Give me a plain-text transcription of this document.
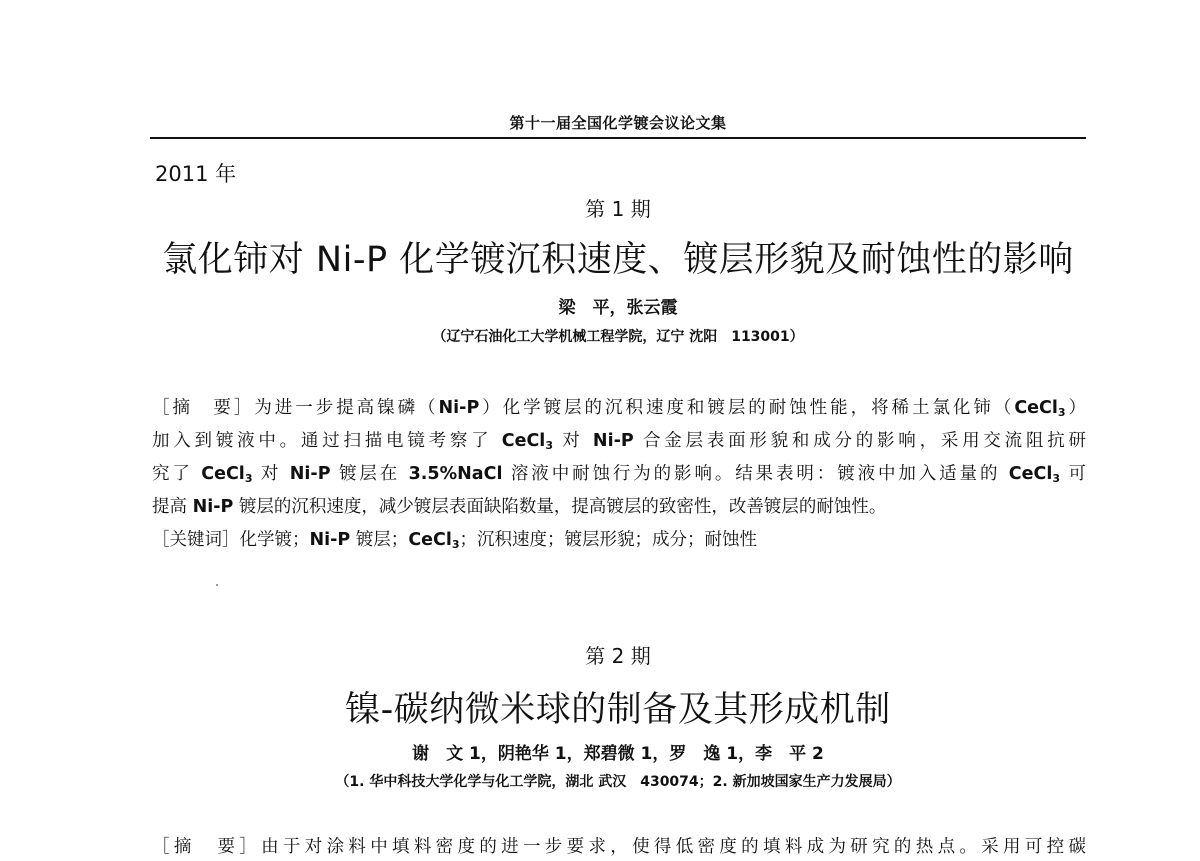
第十一届全国化学镀会议论文集
2011 年
第 1 期
氯化铈对 Ni-P 化学镀沉积速度、镀层形貌及耐蚀性的影响
梁　平，张云霞
（辽宁石油化工大学机械工程学院，辽宁 沈阳　113001）
［摘　要］为进一步提高镍磷（Ni-P）化学镀层的沉积速度和镀层的耐蚀性能，将稀土氯化铈（CeCl$_3$）
加入到镀液中。通过扫描电镜考察了 CeCl$_3$ 对 Ni-P 合金层表面形貌和成分的影响，采用交流阻抗研
究了 CeCl$_3$ 对 Ni-P 镀层在 3.5%NaCl 溶液中耐蚀行为的影响。结果表明：镀液中加入适量的 CeCl$_3$ 可
提高 Ni-P 镀层的沉积速度，减少镀层表面缺陷数量，提高镀层的致密性，改善镀层的耐蚀性。
［关键词］化学镀；Ni-P 镀层；CeCl$_3$；沉积速度；镀层形貌；成分；耐蚀性
第 2 期
镍-碳纳微米球的制备及其形成机制
谢　文 1，阴艳华 1，郑碧微 1，罗　逸 1，李　平 2
（1. 华中科技大学化学与化工学院，湖北 武汉　430074；2. 新加坡国家生产力发展局）
［摘　要］由于对涂料中填料密度的进一步要求，使得低密度的填料成为研究的热点。采用可控碳
